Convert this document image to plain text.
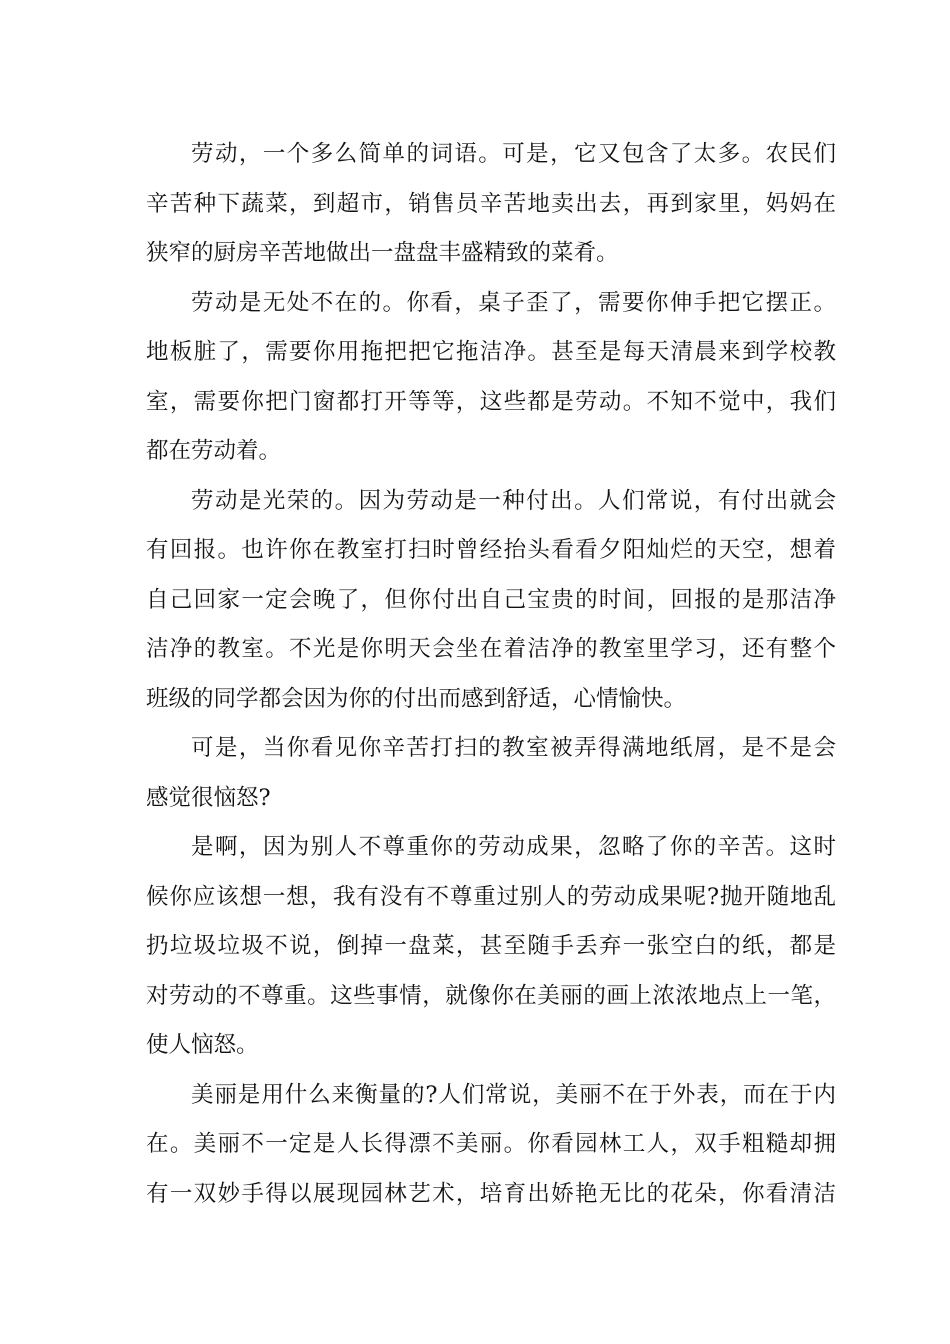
劳动，一个多么简单的词语。可是，它又包含了太多。农民们
辛苦种下蔬菜，到超市，销售员辛苦地卖出去，再到家里，妈妈在
狭窄的厨房辛苦地做出一盘盘丰盛精致的菜肴。
劳动是无处不在的。你看，桌子歪了，需要你伸手把它摆正。
地板脏了，需要你用拖把把它拖洁净。甚至是每天清晨来到学校教
室，需要你把门窗都打开等等，这些都是劳动。不知不觉中，我们
都在劳动着。
劳动是光荣的。因为劳动是一种付出。人们常说，有付出就会
有回报。也许你在教室打扫时曾经抬头看看夕阳灿烂的天空，想着
自己回家一定会晚了，但你付出自己宝贵的时间，回报的是那洁净
洁净的教室。不光是你明天会坐在着洁净的教室里学习，还有整个
班级的同学都会因为你的付出而感到舒适，心情愉快。
可是，当你看见你辛苦打扫的教室被弄得满地纸屑，是不是会
感觉很恼怒?
是啊，因为别人不尊重你的劳动成果，忽略了你的辛苦。这时
候你应该想一想，我有没有不尊重过别人的劳动成果呢?抛开随地乱
扔垃圾垃圾不说，倒掉一盘菜，甚至随手丢弃一张空白的纸，都是
对劳动的不尊重。这些事情，就像你在美丽的画上浓浓地点上一笔，
使人恼怒。
美丽是用什么来衡量的?人们常说，美丽不在于外表，而在于内
在。美丽不一定是人长得漂不美丽。你看园林工人，双手粗糙却拥
有一双妙手得以展现园林艺术，培育出娇艳无比的花朵，你看清洁
